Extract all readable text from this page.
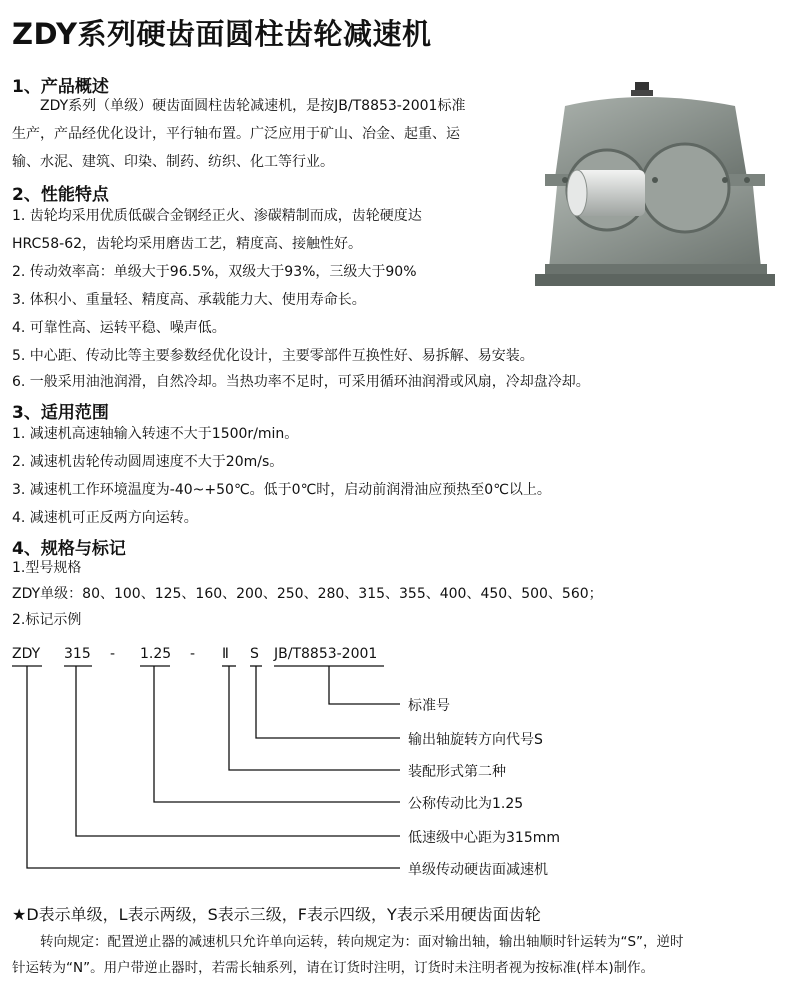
ZDY系列硬齿面圆柱齿轮减速机
1、产品概述
ZDY系列（单级）硬齿面圆柱齿轮减速机，是按JB/T8853-2001标准
生产，产品经优化设计，平行轴布置。广泛应用于矿山、冶金、起重、运
输、水泥、建筑、印染、制药、纺织、化工等行业。
2、性能特点
1. 齿轮均采用优质低碳合金钢经正火、渗碳精制而成，齿轮硬度达
HRC58-62，齿轮均采用磨齿工艺，精度高、接触性好。
2. 传动效率高：单级大于96.5%，双级大于93%，三级大于90%
3. 体积小、重量轻、精度高、承载能力大、使用寿命长。
4. 可靠性高、运转平稳、噪声低。
5. 中心距、传动比等主要参数经优化设计，主要零部件互换性好、易拆解、易安装。
6. 一般采用油池润滑，自然冷却。当热功率不足时，可采用循环油润滑或风扇，冷却盘冷却。
3、适用范围
1. 减速机高速轴输入转速不大于1500r/min。
2. 减速机齿轮传动圆周速度不大于20m/s。
3. 减速机工作环境温度为-40~+50℃。低于0℃时，启动前润滑油应预热至0℃以上。
4. 减速机可正反两方向运转。
4、规格与标记
1.型号规格
ZDY单级：80、100、125、160、200、250、280、315、355、400、450、500、560；
2.标记示例
ZDY 315 - 1.25 - Ⅱ S JB/T8853-2001
标准号
输出轴旋转方向代号S
装配形式第二种
公称传动比为1.25
低速级中心距为315mm
单级传动硬齿面减速机
★D表示单级，L表示两级，S表示三级，F表示四级，Y表示采用硬齿面齿轮
转向规定：配置逆止器的减速机只允许单向运转，转向规定为：面对输出轴，输出轴顺时针运转为“S”，逆时
针运转为“N”。用户带逆止器时，若需长轴系列，请在订货时注明，订货时未注明者视为按标准(样本)制作。
